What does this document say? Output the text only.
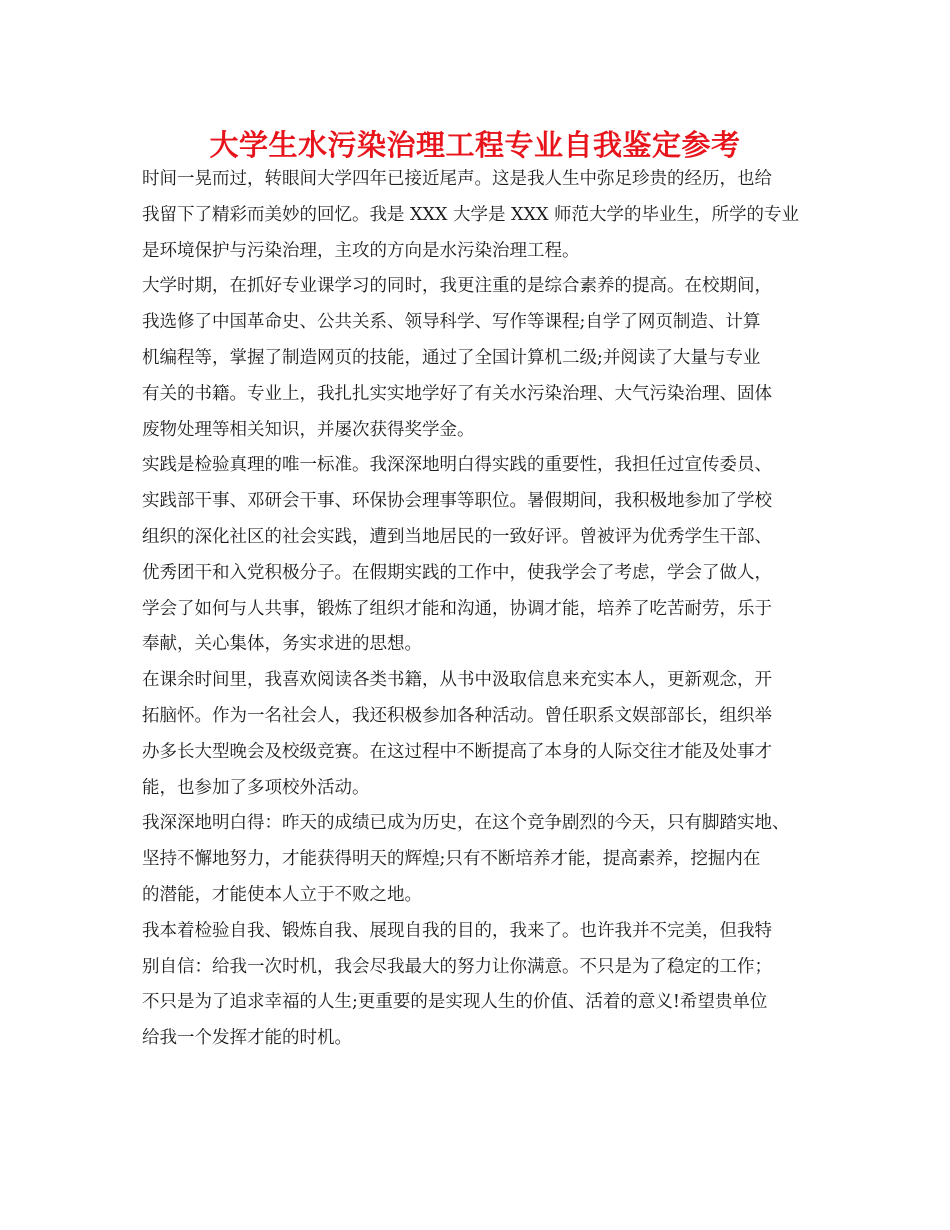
大学生水污染治理工程专业自我鉴定参考
时间一晃而过，转眼间大学四年已接近尾声。这是我人生中弥足珍贵的经历，也给
我留下了精彩而美妙的回忆。我是 XXX 大学是 XXX 师范大学的毕业生，所学的专业
是环境保护与污染治理，主攻的方向是水污染治理工程。
大学时期，在抓好专业课学习的同时，我更注重的是综合素养的提高。在校期间，
我选修了中国革命史、公共关系、领导科学、写作等课程;自学了网页制造、计算
机编程等，掌握了制造网页的技能，通过了全国计算机二级;并阅读了大量与专业
有关的书籍。专业上，我扎扎实实地学好了有关水污染治理、大气污染治理、固体
废物处理等相关知识，并屡次获得奖学金。
实践是检验真理的唯一标准。我深深地明白得实践的重要性，我担任过宣传委员、
实践部干事、邓研会干事、环保协会理事等职位。暑假期间，我积极地参加了学校
组织的深化社区的社会实践，遭到当地居民的一致好评。曾被评为优秀学生干部、
优秀团干和入党积极分子。在假期实践的工作中，使我学会了考虑，学会了做人，
学会了如何与人共事，锻炼了组织才能和沟通，协调才能，培养了吃苦耐劳，乐于
奉献，关心集体，务实求进的思想。
在课余时间里，我喜欢阅读各类书籍，从书中汲取信息来充实本人，更新观念，开
拓脑怀。作为一名社会人，我还积极参加各种活动。曾任职系文娱部部长，组织举
办多长大型晚会及校级竞赛。在这过程中不断提高了本身的人际交往才能及处事才
能，也参加了多项校外活动。
我深深地明白得：昨天的成绩已成为历史，在这个竞争剧烈的今天，只有脚踏实地、
坚持不懈地努力，才能获得明天的辉煌;只有不断培养才能，提高素养，挖掘内在
的潜能，才能使本人立于不败之地。
我本着检验自我、锻炼自我、展现自我的目的，我来了。也许我并不完美，但我特
别自信：给我一次时机，我会尽我最大的努力让你满意。不只是为了稳定的工作；
不只是为了追求幸福的人生;更重要的是实现人生的价值、活着的意义!希望贵单位
给我一个发挥才能的时机。
